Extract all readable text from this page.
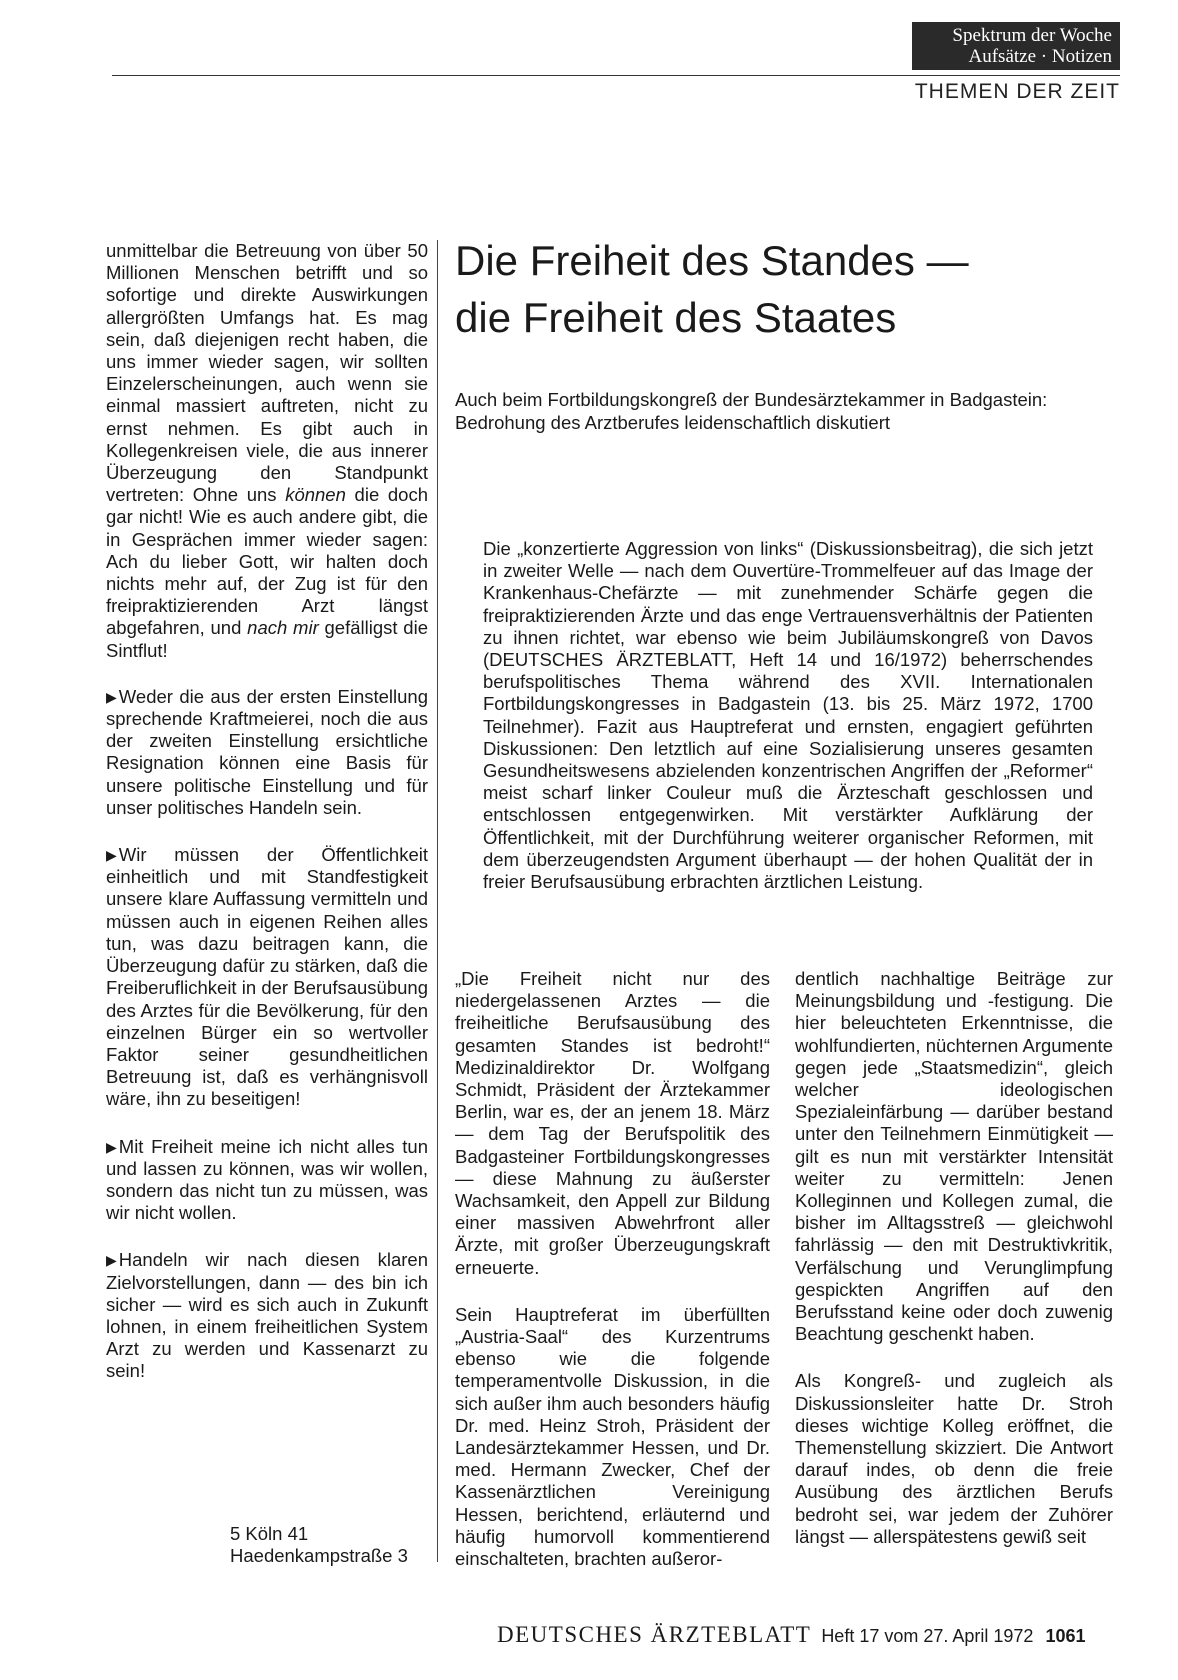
Spektrum der Woche
Aufsätze · Notizen
THEMEN DER ZEIT

unmittelbar die Betreuung von über 50 Millionen Menschen betrifft und so sofortige und direkte Auswirkungen allergrößten Umfangs hat. Es mag sein, daß diejenigen recht haben, die uns immer wieder sagen, wir sollten Einzelerscheinungen, auch wenn sie einmal massiert auftreten, nicht zu ernst nehmen. Es gibt auch in Kollegenkreisen viele, die aus innerer Überzeugung den Standpunkt vertreten: Ohne uns können die doch gar nicht! Wie es auch andere gibt, die in Gesprächen immer wieder sagen: Ach du lieber Gott, wir halten doch nichts mehr auf, der Zug ist für den freipraktizierenden Arzt längst abgefahren, und nach mir gefälligst die Sintflut!

▶ Weder die aus der ersten Einstellung sprechende Kraftmeierei, noch die aus der zweiten Einstellung ersichtliche Resignation können eine Basis für unsere politische Einstellung und für unser politisches Handeln sein.

▶ Wir müssen der Öffentlichkeit einheitlich und mit Standfestigkeit unsere klare Auffassung vermitteln und müssen auch in eigenen Reihen alles tun, was dazu beitragen kann, die Überzeugung dafür zu stärken, daß die Freiberuflichkeit in der Berufsausübung des Arztes für die Bevölkerung, für den einzelnen Bürger ein so wertvoller Faktor seiner gesundheitlichen Betreuung ist, daß es verhängnisvoll wäre, ihn zu beseitigen!

▶ Mit Freiheit meine ich nicht alles tun und lassen zu können, was wir wollen, sondern das nicht tun zu müssen, was wir nicht wollen.

▶ Handeln wir nach diesen klaren Zielvorstellungen, dann — des bin ich sicher — wird es sich auch in Zukunft lohnen, in einem freiheitlichen System Arzt zu werden und Kassenarzt zu sein!

5 Köln 41
Haedenkampstraße 3
Die Freiheit des Standes —
die Freiheit des Staates
Auch beim Fortbildungskongreß der Bundesärztekammer in Badgastein:
Bedrohung des Arztberufes leidenschaftlich diskutiert
Die „konzertierte Aggression von links“ (Diskussionsbeitrag), die sich jetzt in zweiter Welle — nach dem Ouvertüre-Trommelfeuer auf das Image der Krankenhaus-Chefärzte — mit zunehmender Schärfe gegen die freipraktizierenden Ärzte und das enge Vertrauensverhältnis der Patienten zu ihnen richtet, war ebenso wie beim Jubiläumskongreß von Davos (DEUTSCHES ÄRZTEBLATT, Heft 14 und 16/1972) beherrschendes berufspolitisches Thema während des XVII. Internationalen Fortbildungskongresses in Badgastein (13. bis 25. März 1972, 1700 Teilnehmer). Fazit aus Hauptreferat und ernsten, engagiert geführten Diskussionen: Den letztlich auf eine Sozialisierung unseres gesamten Gesundheitswesens abzielenden konzentrischen Angriffen der „Reformer“ meist scharf linker Couleur muß die Ärzteschaft geschlossen und entschlossen entgegenwirken. Mit verstärkter Aufklärung der Öffentlichkeit, mit der Durchführung weiterer organischer Reformen, mit dem überzeugendsten Argument überhaupt — der hohen Qualität der in freier Berufsausübung erbrachten ärztlichen Leistung.

„Die Freiheit nicht nur des niedergelassenen Arztes — die freiheitliche Berufsausübung des gesamten Standes ist bedroht!“ Medizinaldirektor Dr. Wolfgang Schmidt, Präsident der Ärztekammer Berlin, war es, der an jenem 18. März — dem Tag der Berufspolitik des Badgasteiner Fortbildungskongresses — diese Mahnung zu äußerster Wachsamkeit, den Appell zur Bildung einer massiven Abwehrfront aller Ärzte, mit großer Überzeugungskraft erneuerte.

Sein Hauptreferat im überfüllten „Austria-Saal“ des Kurzentrums ebenso wie die folgende temperamentvolle Diskussion, in die sich außer ihm auch besonders häufig Dr. med. Heinz Stroh, Präsident der Landesärztekammer Hessen, und Dr. med. Hermann Zwecker, Chef der Kassenärztlichen Vereinigung Hessen, berichtend, erläuternd und häufig humorvoll kommentierend einschalteten, brachten außeror-

dentlich nachhaltige Beiträge zur Meinungsbildung und -festigung. Die hier beleuchteten Erkenntnisse, die wohlfundierten, nüchternen Argumente gegen jede „Staatsmedizin“, gleich welcher ideologischen Spezialeinfärbung — darüber bestand unter den Teilnehmern Einmütigkeit — gilt es nun mit verstärkter Intensität weiter zu vermitteln: Jenen Kolleginnen und Kollegen zumal, die bisher im Alltagsstreß — gleichwohl fahrlässig — den mit Destruktivkritik, Verfälschung und Verunglimpfung gespickten Angriffen auf den Berufsstand keine oder doch zuwenig Beachtung geschenkt haben.

Als Kongreß- und zugleich als Diskussionsleiter hatte Dr. Stroh dieses wichtige Kolleg eröffnet, die Themenstellung skizziert. Die Antwort darauf indes, ob denn die freie Ausübung des ärztlichen Berufs bedroht sei, war jedem der Zuhörer längst — allerspätestens gewiß seit

DEUTSCHES ÄRZTEBLATT Heft 17 vom 27. April 1972 1061
